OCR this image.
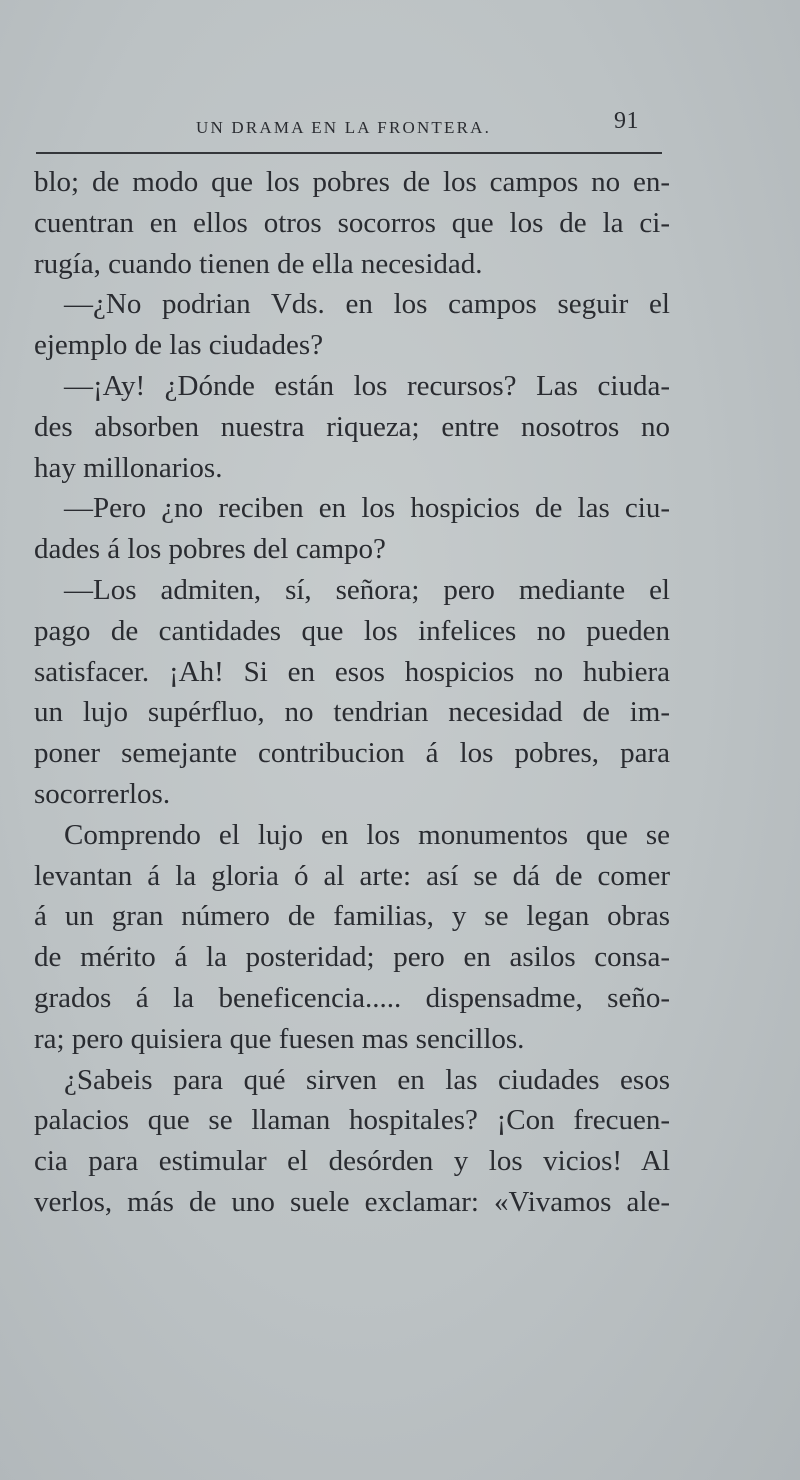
UN DRAMA EN LA FRONTERA.	91
blo; de modo que los pobres de los campos no en-
cuentran en ellos otros socorros que los de la ci-
rugía, cuando tienen de ella necesidad.
—¿No podrian Vds. en los campos seguir el
ejemplo de las ciudades?
—¡Ay! ¿Dónde están los recursos? Las ciuda-
des absorben nuestra riqueza; entre nosotros no
hay millonarios.
—Pero ¿no reciben en los hospicios de las ciu-
dades á los pobres del campo?
—Los admiten, sí, señora; pero mediante el
pago de cantidades que los infelices no pueden
satisfacer. ¡Ah! Si en esos hospicios no hubiera
un lujo supérfluo, no tendrian necesidad de im-
poner semejante contribucion á los pobres, para
socorrerlos.
Comprendo el lujo en los monumentos que se
levantan á la gloria ó al arte: así se dá de comer
á un gran número de familias, y se legan obras
de mérito á la posteridad; pero en asilos consa-
grados á la beneficencia..... dispensadme, seño-
ra; pero quisiera que fuesen mas sencillos.
¿Sabeis para qué sirven en las ciudades esos
palacios que se llaman hospitales? ¡Con frecuen-
cia para estimular el desórden y los vicios! Al
verlos, más de uno suele exclamar: «Vivamos ale-
